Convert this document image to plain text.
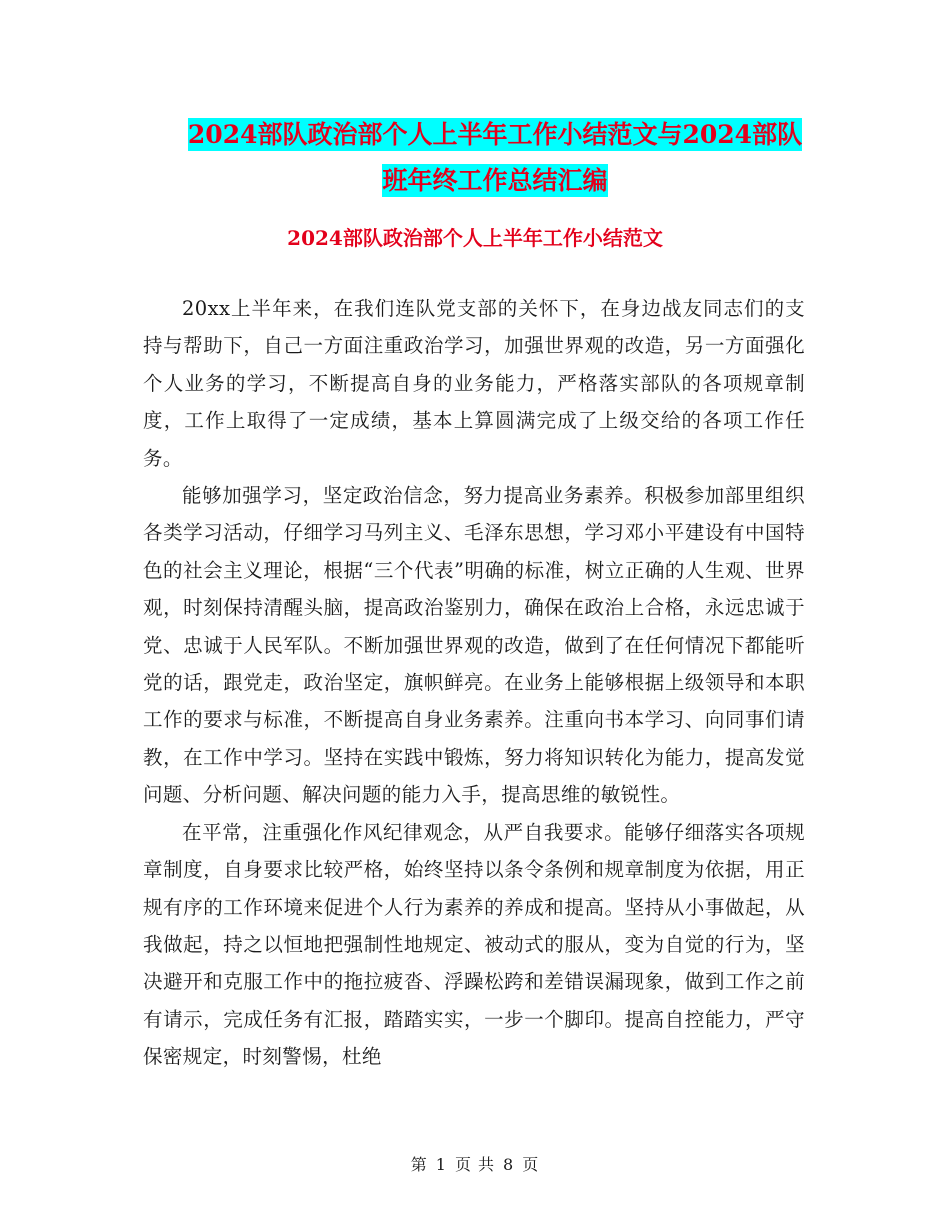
2024部队政治部个人上半年工作小结范文与2024部队
班年终工作总结汇编
2024部队政治部个人上半年工作小结范文

20xx上半年来，在我们连队党支部的关怀下，在身边战友同志们的支持与帮助下，自己一方面注重政治学习，加强世界观的改造，另一方面强化个人业务的学习，不断提高自身的业务能力，严格落实部队的各项规章制度，工作上取得了一定成绩，基本上算圆满完成了上级交给的各项工作任务。

能够加强学习，坚定政治信念，努力提高业务素养。积极参加部里组织各类学习活动，仔细学习马列主义、毛泽东思想，学习邓小平建设有中国特色的社会主义理论，根据“三个代表”明确的标准，树立正确的人生观、世界观，时刻保持清醒头脑，提高政治鉴别力，确保在政治上合格，永远忠诚于党、忠诚于人民军队。不断加强世界观的改造，做到了在任何情况下都能听党的话，跟党走，政治坚定，旗帜鲜亮。在业务上能够根据上级领导和本职工作的要求与标准，不断提高自身业务素养。注重向书本学习、向同事们请教，在工作中学习。坚持在实践中锻炼，努力将知识转化为能力，提高发觉问题、分析问题、解决问题的能力入手，提高思维的敏锐性。

在平常，注重强化作风纪律观念，从严自我要求。能够仔细落实各项规章制度，自身要求比较严格，始终坚持以条令条例和规章制度为依据，用正规有序的工作环境来促进个人行为素养的养成和提高。坚持从小事做起，从我做起，持之以恒地把强制性地规定、被动式的服从，变为自觉的行为，坚决避开和克服工作中的拖拉疲沓、浮躁松跨和差错误漏现象，做到工作之前有请示，完成任务有汇报，踏踏实实，一步一个脚印。提高自控能力，严守保密规定，时刻警惕，杜绝

第 1 页 共 8 页
